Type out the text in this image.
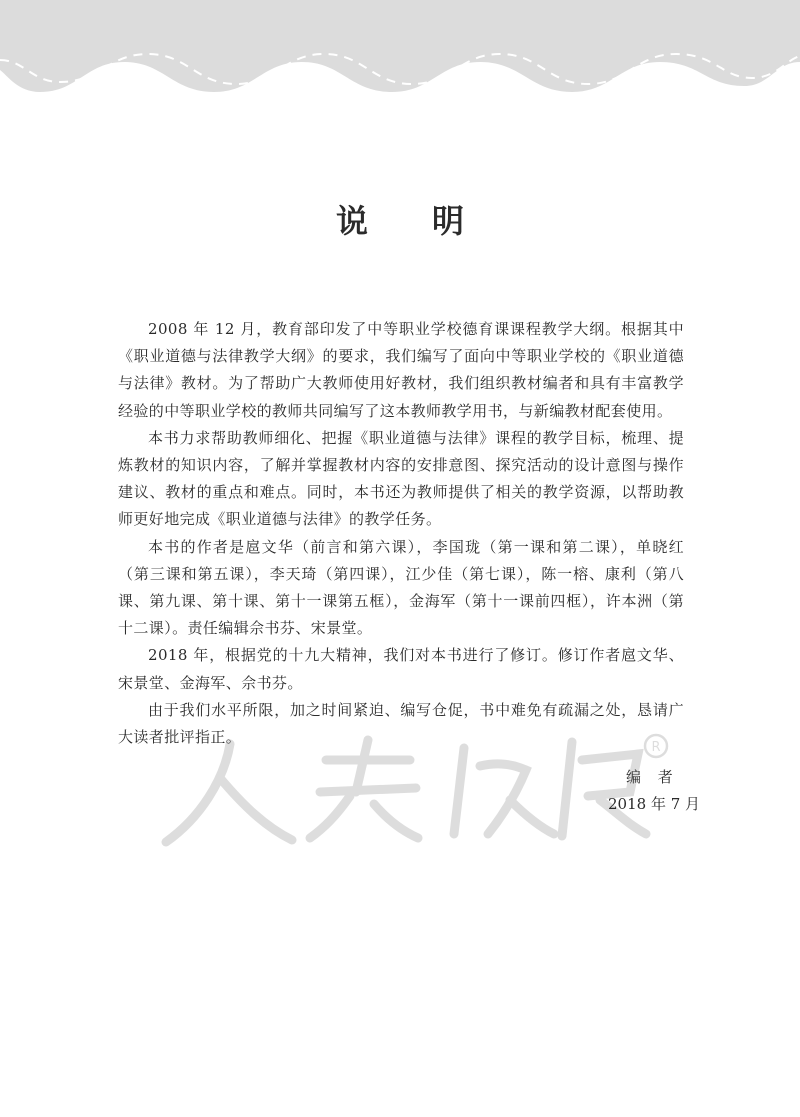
说 明
R

2008 年 12 月，教育部印发了中等职业学校德育课课程教学大纲。根据其中《职业道德与法律教学大纲》的要求，我们编写了面向中等职业学校的《职业道德与法律》教材。为了帮助广大教师使用好教材，我们组织教材编者和具有丰富教学经验的中等职业学校的教师共同编写了这本教师教学用书，与新编教材配套使用。

本书力求帮助教师细化、把握《职业道德与法律》课程的教学目标，梳理、提炼教材的知识内容，了解并掌握教材内容的安排意图、探究活动的设计意图与操作建议、教材的重点和难点。同时，本书还为教师提供了相关的教学资源，以帮助教师更好地完成《职业道德与法律》的教学任务。

本书的作者是扈文华（前言和第六课），李国珑（第一课和第二课），单晓红（第三课和第五课），李天琦（第四课），江少佳（第七课），陈一榕、康利（第八课、第九课、第十课、第十一课第五框），金海军（第十一课前四框），许本洲（第十二课）。责任编辑佘书芬、宋景堂。

2018 年，根据党的十九大精神，我们对本书进行了修订。修订作者扈文华、宋景堂、金海军、佘书芬。

由于我们水平所限，加之时间紧迫、编写仓促，书中难免有疏漏之处，恳请广大读者批评指正。

编 者
2018 年 7 月
